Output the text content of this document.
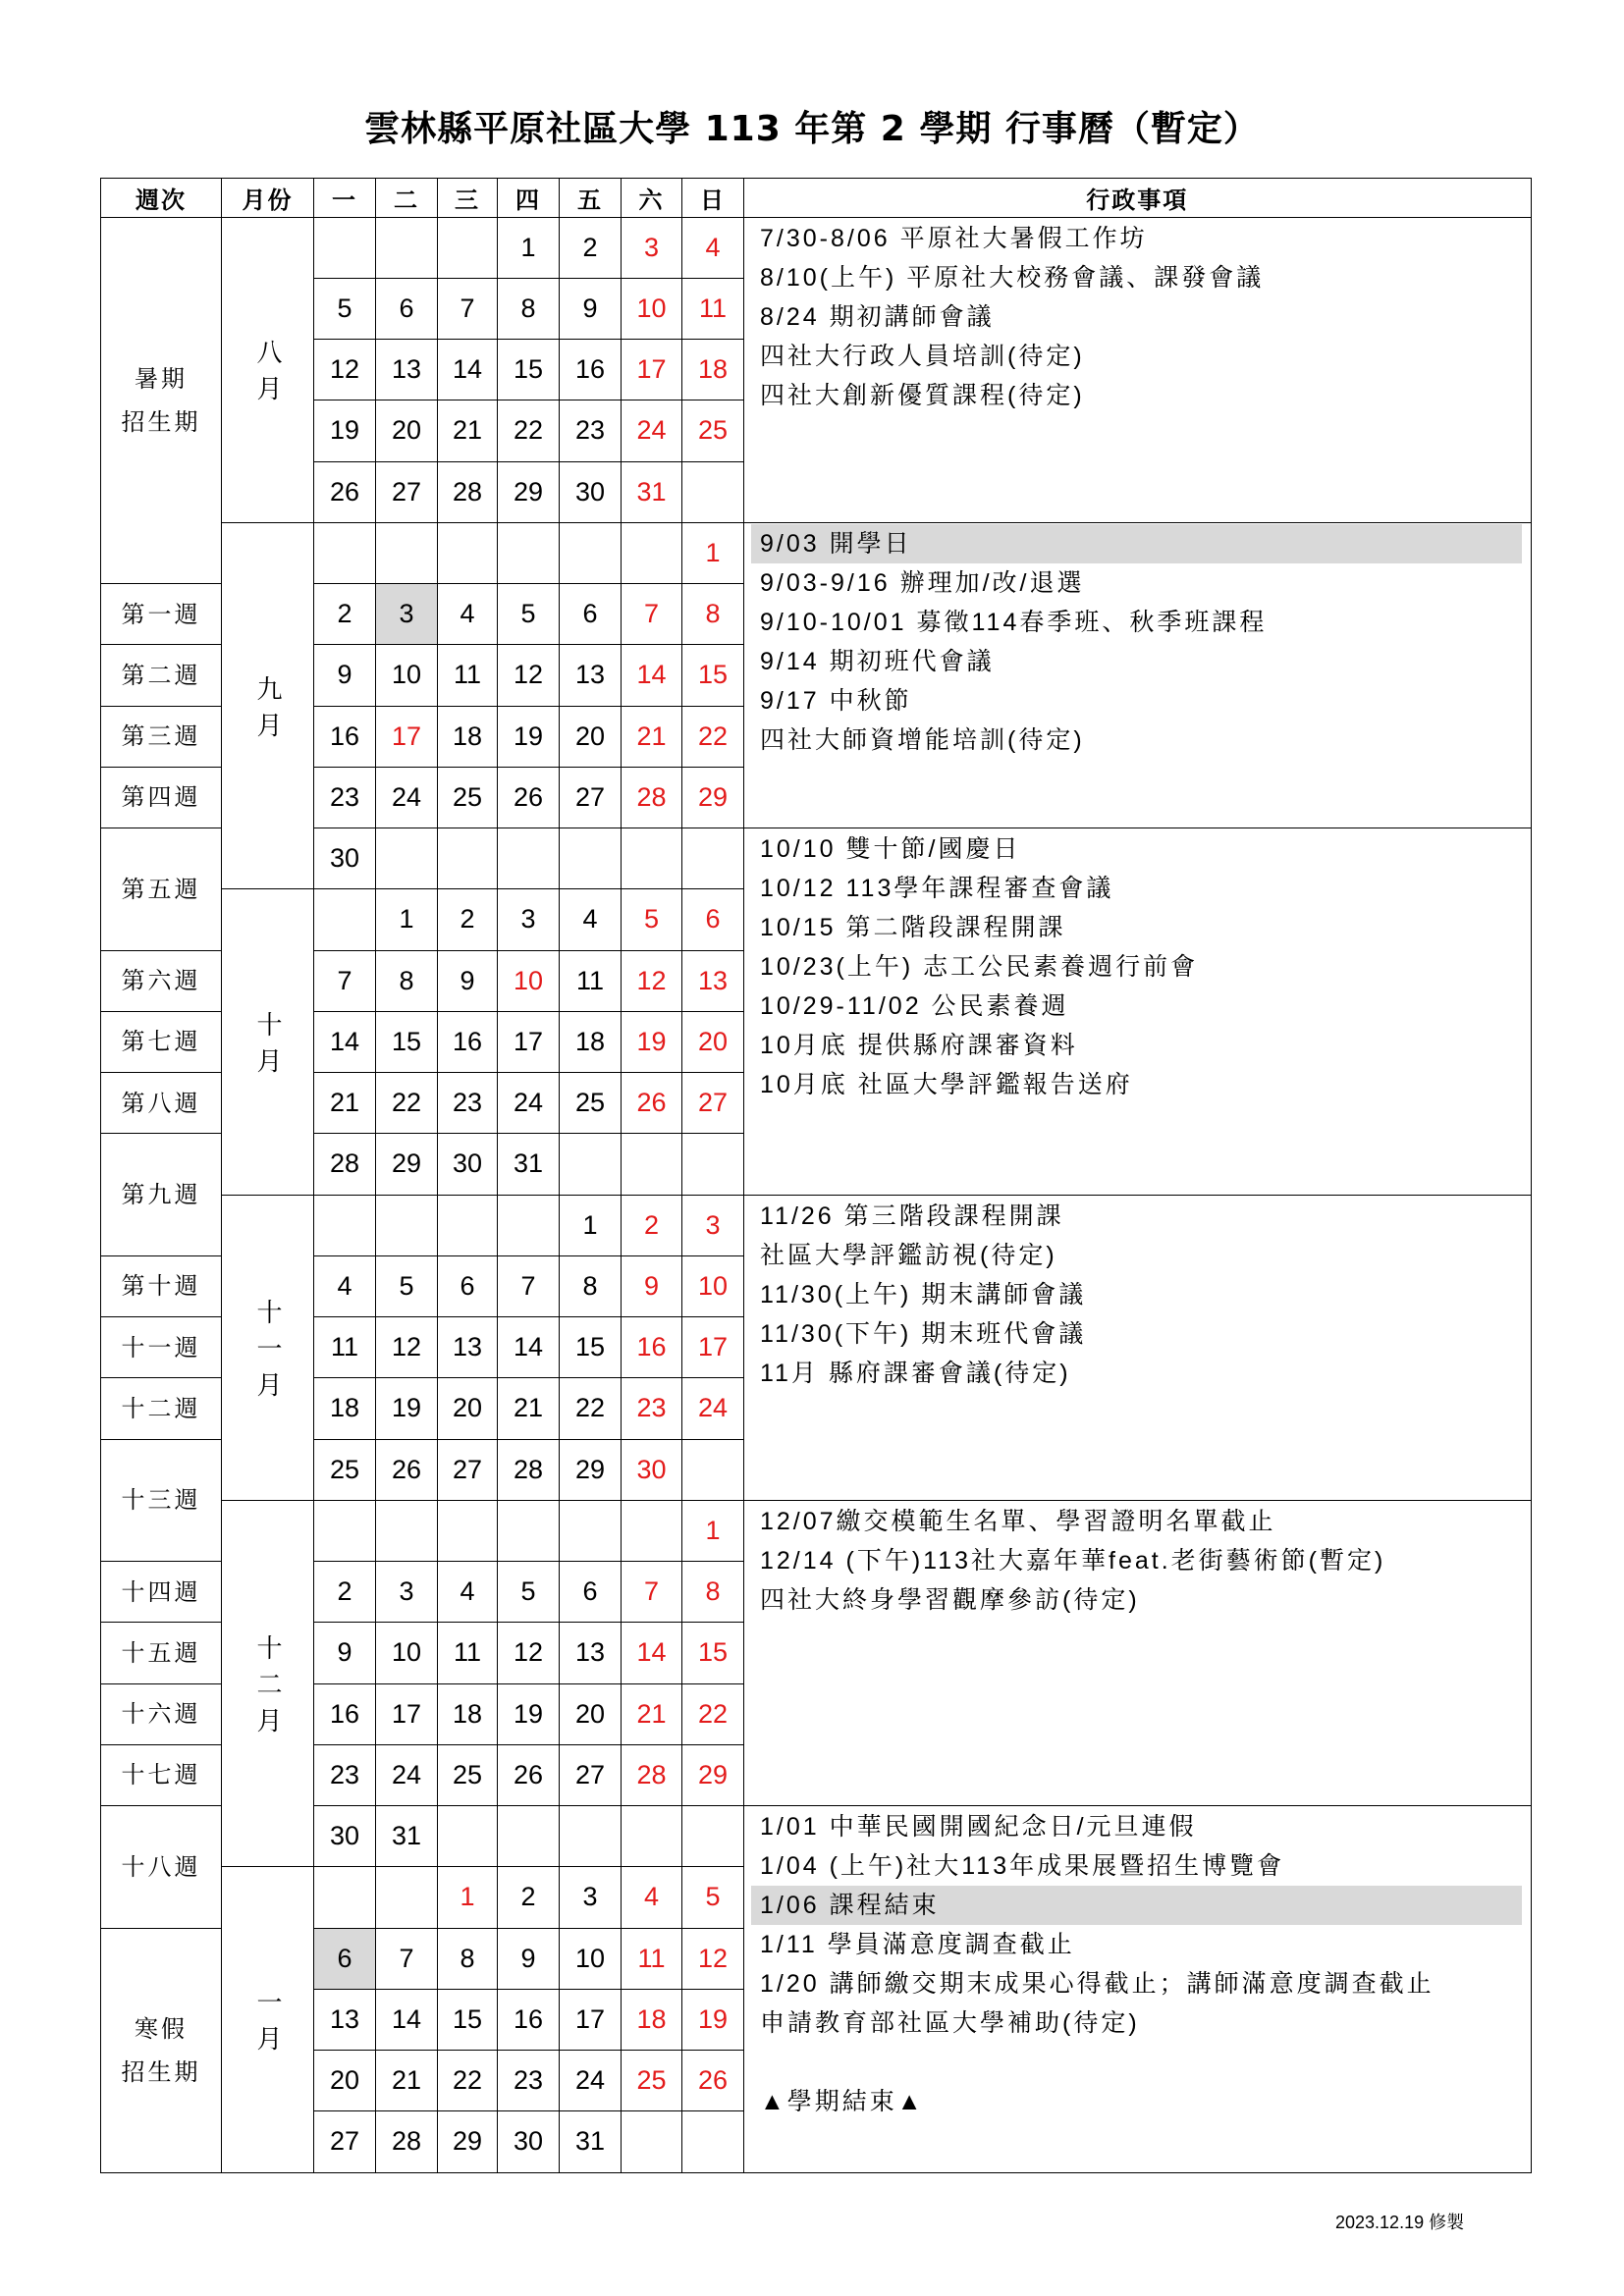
雲林縣平原社區大學 113 年第 2 學期 行事曆（暫定）
週次 月份 一 二 三 四 五 六 日	行政事項
暑期
招生期
第一週
第二週
第三週
第四週
第五週
第六週
第七週
第八週
第九週
第十週
十一週
十二週
十三週
十四週
十五週
十六週
十七週
十八週
寒假
招生期
八月
1 2 3 4
5 6 7 8 9 10 11
12 13 14 15 16 17 18
19 20 21 22 23 24 25
26 27 28 29 30 31
九月
1
2 3 4 5 6 7 8
9 10 11 12 13 14 15
16 17 18 19 20 21 22
23 24 25 26 27 28 29
30
十月
1 2 3 4 5 6
7 8 9 10 11 12 13
14 15 16 17 18 19 20
21 22 23 24 25 26 27
28 29 30 31
十一月
1 2 3
4 5 6 7 8 9 10
11 12 13 14 15 16 17
18 19 20 21 22 23 24
25 26 27 28 29 30
十二月
1
2 3 4 5 6 7 8
9 10 11 12 13 14 15
16 17 18 19 20 21 22
23 24 25 26 27 28 29
30 31
一月
1 2 3 4 5
6 7 8 9 10 11 12
13 14 15 16 17 18 19
20 21 22 23 24 25 26
27 28 29 30 31
7/30-8/06 平原社大暑假工作坊
8/10(上午) 平原社大校務會議、課發會議
8/24 期初講師會議
四社大行政人員培訓(待定)
四社大創新優質課程(待定)
9/03 開學日
9/03-9/16 辦理加/改/退選
9/10-10/01 募徵114春季班、秋季班課程
9/14 期初班代會議
9/17 中秋節
四社大師資增能培訓(待定)
10/10 雙十節/國慶日
10/12 113學年課程審查會議
10/15 第二階段課程開課
10/23(上午) 志工公民素養週行前會
10/29-11/02 公民素養週
10月底 提供縣府課審資料
10月底 社區大學評鑑報告送府
11/26 第三階段課程開課
社區大學評鑑訪視(待定)
11/30(上午) 期末講師會議
11/30(下午) 期末班代會議
11月 縣府課審會議(待定)
12/07繳交模範生名單、學習證明名單截止
12/14 (下午)113社大嘉年華feat.老街藝術節(暫定)
四社大終身學習觀摩參訪(待定)
1/01 中華民國開國紀念日/元旦連假
1/04 (上午)社大113年成果展暨招生博覽會
1/06 課程結束
1/11 學員滿意度調查截止
1/20 講師繳交期末成果心得截止；講師滿意度調查截止
申請教育部社區大學補助(待定)
▲學期結束▲
2023.12.19 修製
